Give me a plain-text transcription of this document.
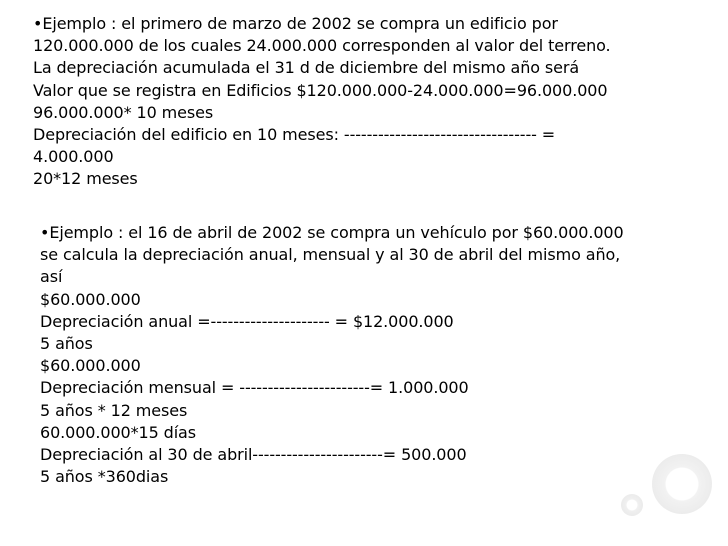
•Ejemplo : el primero de marzo de 2002 se compra un edificio por
120.000.000 de los cuales 24.000.000 corresponden al valor del terreno.
La depreciación acumulada el 31 d de diciembre del mismo año será
Valor que se registra en Edificios $120.000.000-24.000.000=96.000.000
96.000.000* 10 meses
Depreciación del edificio en 10 meses: ---------------------------------- =
4.000.000
20*12 meses
•Ejemplo : el 16 de abril de 2002 se compra un vehículo por $60.000.000
se calcula la depreciación anual, mensual y al 30 de abril del mismo año,
así
$60.000.000
Depreciación anual =--------------------- = $12.000.000
5 años
$60.000.000
Depreciación mensual = -----------------------= 1.000.000
5 años * 12 meses
60.000.000*15 días
Depreciación al 30 de abril-----------------------= 500.000
5 años *360dias
